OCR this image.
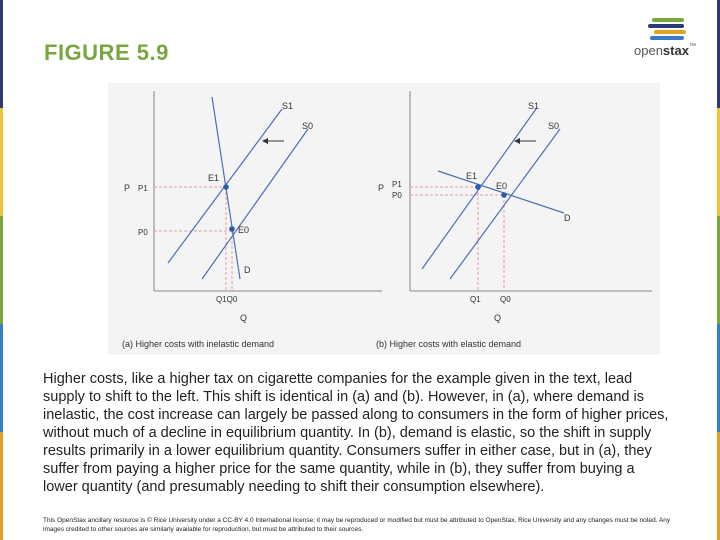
FIGURE 5.9	openstax™
S1
S0
D
E1
E0
P P1
P0
Q1Q0
Q
(a) Higher costs with inelastic demand
S1
S0
D
E1
E0
P P1
P0
Q1 Q0
Q
(b) Higher costs with elastic demand
Higher costs, like a higher tax on cigarette companies for the example given in the text, lead supply to shift to the left. This shift is identical in (a) and (b). However, in (a), where demand is inelastic, the cost increase can largely be passed along to consumers in the form of higher prices, without much of a decline in equilibrium quantity. In (b), demand is elastic, so the shift in supply results primarily in a lower equilibrium quantity. Consumers suffer in either case, but in (a), they suffer from paying a higher price for the same quantity, while in (b), they suffer from buying a lower quantity (and presumably needing to shift their consumption elsewhere).
This OpenStax ancillary resource is © Rice University under a CC-BY 4.0 International license; it may be reproduced or modified but must be attributed to OpenStax, Rice University and any changes must be noted. Any images credited to other sources are similarly available for reproduction, but must be attributed to their sources.
